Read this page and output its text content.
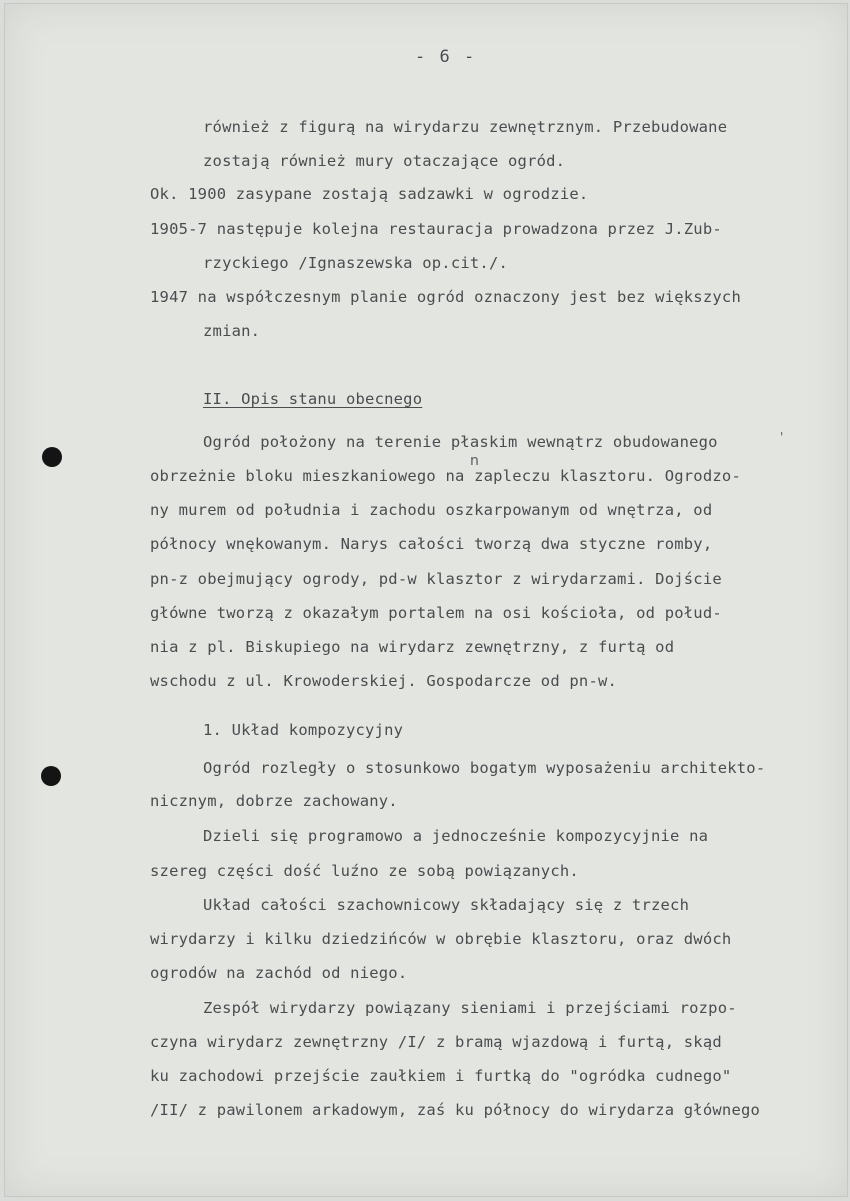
- 6 -
również z figurą na wirydarzu zewnętrznym. Przebudowane
zostają również mury otaczające ogród.
Ok. 1900 zasypane zostają sadzawki w ogrodzie.
1905-7 następuje kolejna restauracja prowadzona przez J.Zub-
rzyckiego /Ignaszewska op.cit./.
1947 na współczesnym planie ogród oznaczony jest bez większych
zmian.
II. Opis stanu obecnego
Ogród położony na terenie płaskim wewnątrz obudowanego	'
n
obrzeżnie bloku mieszkaniowego na zapleczu klasztoru. Ogrodzo-
ny murem od południa i zachodu oszkarpowanym od wnętrza, od
północy wnękowanym. Narys całości tworzą dwa styczne romby,
pn-z obejmujący ogrody, pd-w klasztor z wirydarzami. Dojście
główne tworzą z okazałym portalem na osi kościoła, od połud-
nia z pl. Biskupiego na wirydarz zewnętrzny, z furtą od
wschodu z ul. Krowoderskiej. Gospodarcze od pn-w.
1. Układ kompozycyjny
Ogród rozległy o stosunkowo bogatym wyposażeniu architekto-
nicznym, dobrze zachowany.
Dzieli się programowo a jednocześnie kompozycyjnie na
szereg części dość luźno ze sobą powiązanych.
Układ całości szachownicowy składający się z trzech
wirydarzy i kilku dziedzińców w obrębie klasztoru, oraz dwóch
ogrodów na zachód od niego.
Zespół wirydarzy powiązany sieniami i przejściami rozpo-
czyna wirydarz zewnętrzny /I/ z bramą wjazdową i furtą, skąd
ku zachodowi przejście zaułkiem i furtką do "ogródka cudnego"
/II/ z pawilonem arkadowym, zaś ku północy do wirydarza głównego
